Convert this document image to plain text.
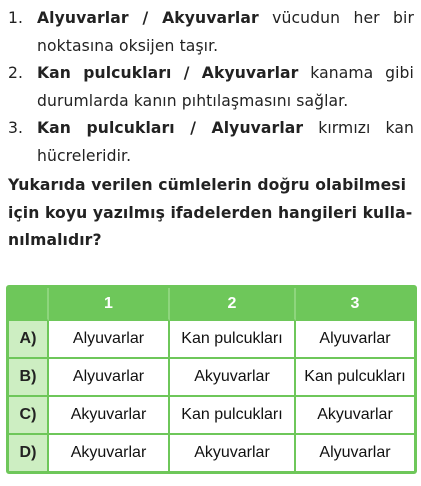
1. Alyuvarlar / Akyuvarlar vücudun her bir noktasına oksijen taşır.
2. Kan pulcukları / Akyuvarlar kanama gibi durumlarda kanın pıhtılaşmasını sağlar.
3. Kan pulcukları / Alyuvarlar kırmızı kan hücreleridir.
Yukarıda verilen cümlelerin doğru olabilmesi için koyu yazılmış ifadelerden hangileri kulla-nılmalıdır?
	1	2	3
A)	Alyuvarlar	Kan pulcukları	Alyuvarlar
B)	Alyuvarlar	Akyuvarlar	Kan pulcukları
C)	Akyuvarlar	Kan pulcukları	Akyuvarlar
D)	Akyuvarlar	Akyuvarlar	Alyuvarlar
